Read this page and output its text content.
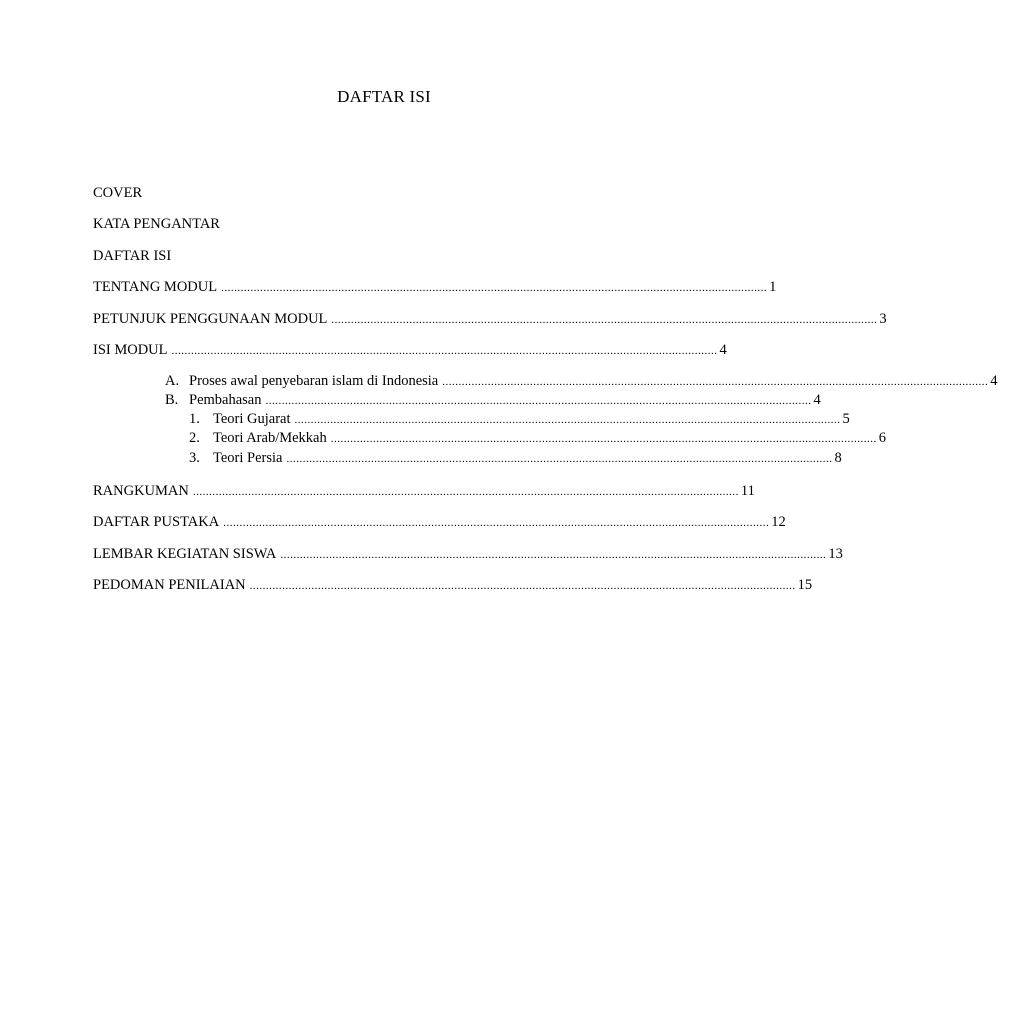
DAFTAR ISI
COVER
KATA PENGANTAR
DAFTAR ISI
TENTANG MODUL ........................................................................................................................................................................ 1
PETUNJUK PENGGUNAAN MODUL ........................................................................................................................................................................ 3
ISI MODUL ........................................................................................................................................................................ 4
A. Proses awal penyebaran islam di Indonesia ........................................................................................................................................................................ 4
B. Pembahasan ........................................................................................................................................................................ 4
1. Teori Gujarat ........................................................................................................................................................................ 5
2. Teori Arab/Mekkah ........................................................................................................................................................................ 6
3. Teori Persia ........................................................................................................................................................................ 8
RANGKUMAN ........................................................................................................................................................................ 11
DAFTAR PUSTAKA ........................................................................................................................................................................ 12
LEMBAR KEGIATAN SISWA ........................................................................................................................................................................ 13
PEDOMAN PENILAIAN ........................................................................................................................................................................ 15
